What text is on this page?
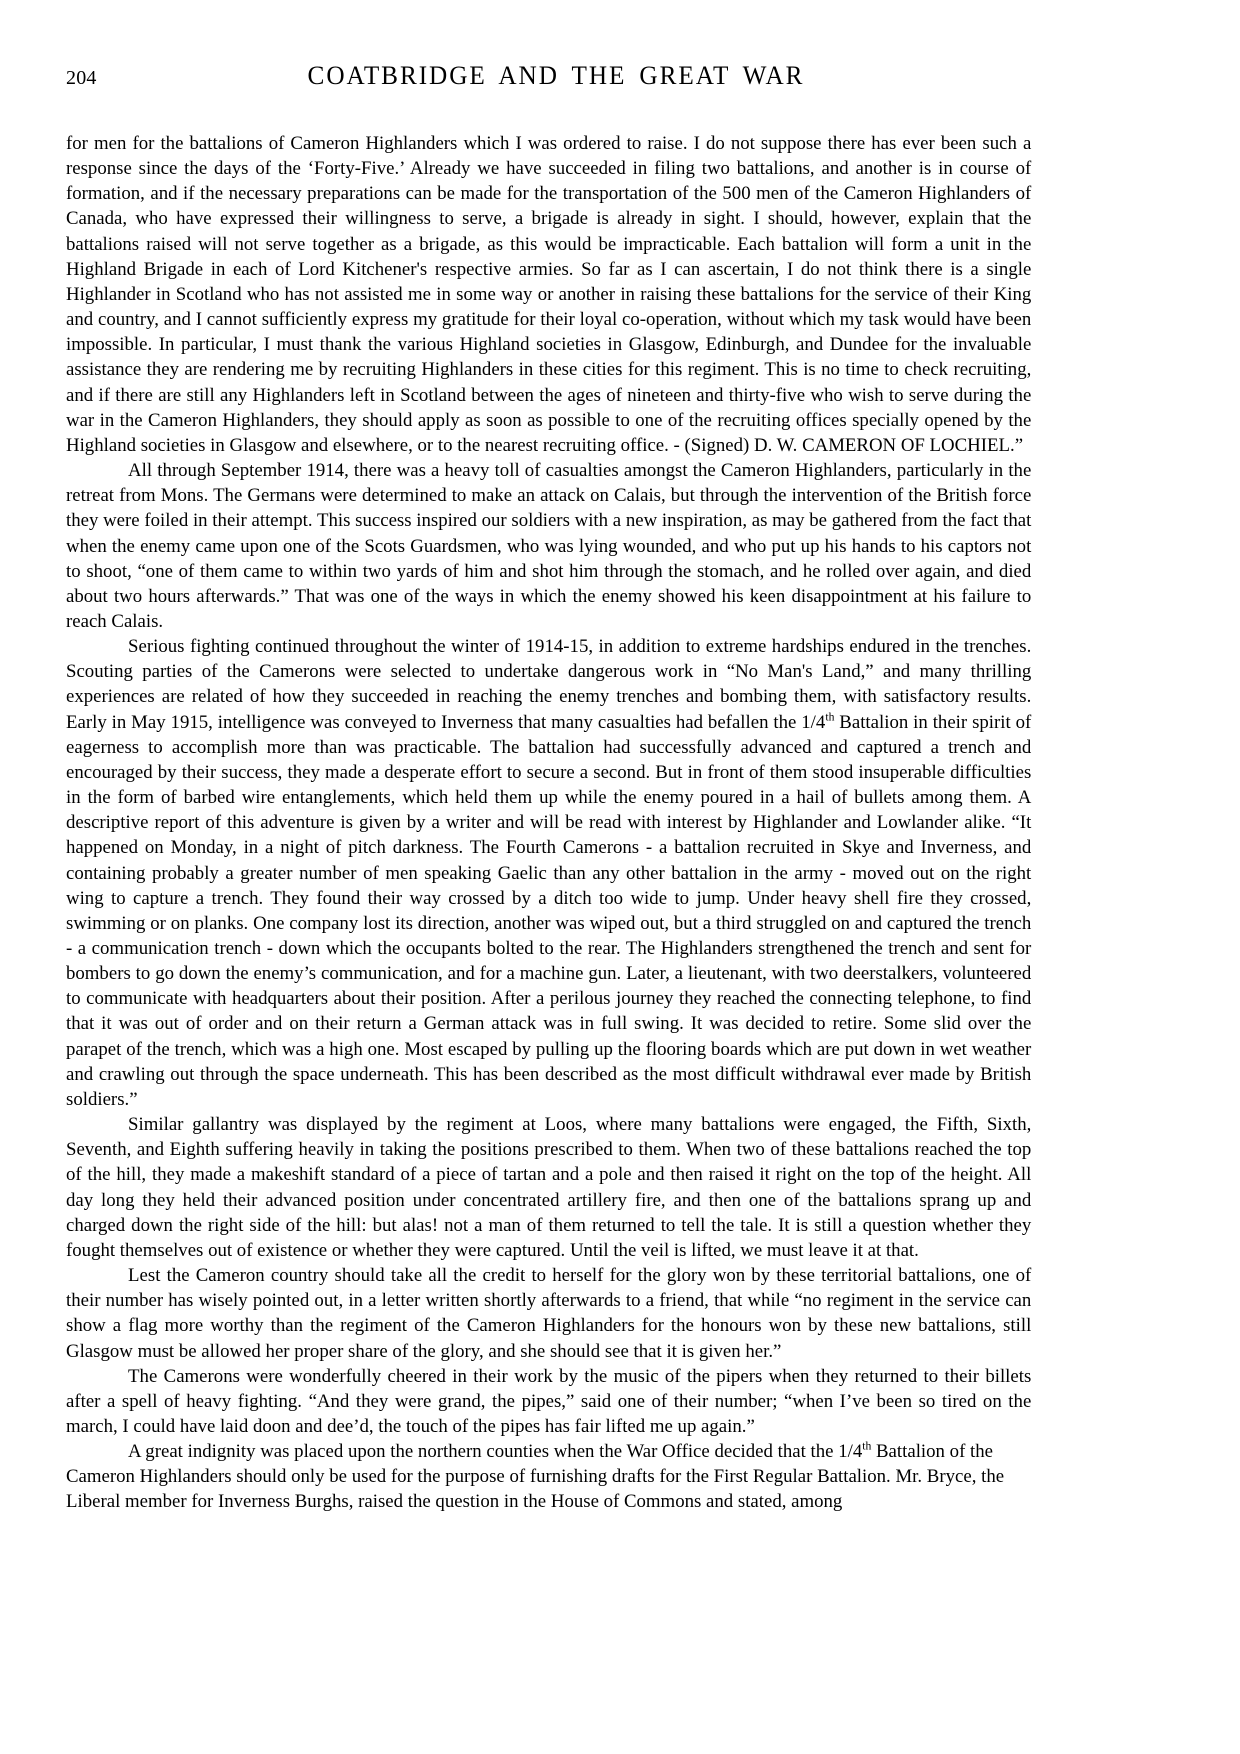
204	COATBRIDGE AND THE GREAT WAR

for men for the battalions of Cameron Highlanders which I was ordered to raise. I do not suppose there has ever been such a response since the days of the ‘Forty-Five.’ Already we have succeeded in filing two battalions, and another is in course of formation, and if the necessary preparations can be made for the transportation of the 500 men of the Cameron Highlanders of Canada, who have expressed their willingness to serve, a brigade is already in sight. I should, however, explain that the battalions raised will not serve together as a brigade, as this would be impracticable. Each battalion will form a unit in the Highland Brigade in each of Lord Kitchener's respective armies. So far as I can ascertain, I do not think there is a single Highlander in Scotland who has not assisted me in some way or another in raising these battalions for the service of their King and country, and I cannot sufficiently express my gratitude for their loyal co-operation, without which my task would have been impossible. In particular, I must thank the various Highland societies in Glasgow, Edinburgh, and Dundee for the invaluable assistance they are rendering me by recruiting Highlanders in these cities for this regiment. This is no time to check recruiting, and if there are still any Highlanders left in Scotland between the ages of nineteen and thirty-five who wish to serve during the war in the Cameron Highlanders, they should apply as soon as possible to one of the recruiting offices specially opened by the Highland societies in Glasgow and elsewhere, or to the nearest recruiting office. - (Signed) D. W. CAMERON OF LOCHIEL.”

All through September 1914, there was a heavy toll of casualties amongst the Cameron Highlanders, particularly in the retreat from Mons. The Germans were determined to make an attack on Calais, but through the intervention of the British force they were foiled in their attempt. This success inspired our soldiers with a new inspiration, as may be gathered from the fact that when the enemy came upon one of the Scots Guardsmen, who was lying wounded, and who put up his hands to his captors not to shoot, “one of them came to within two yards of him and shot him through the stomach, and he rolled over again, and died about two hours afterwards.” That was one of the ways in which the enemy showed his keen disappointment at his failure to reach Calais.

Serious fighting continued throughout the winter of 1914-15, in addition to extreme hardships endured in the trenches. Scouting parties of the Camerons were selected to undertake dangerous work in “No Man's Land,” and many thrilling experiences are related of how they succeeded in reaching the enemy trenches and bombing them, with satisfactory results. Early in May 1915, intelligence was conveyed to Inverness that many casualties had befallen the 1/4th Battalion in their spirit of eagerness to accomplish more than was practicable. The battalion had successfully advanced and captured a trench and encouraged by their success, they made a desperate effort to secure a second. But in front of them stood insuperable difficulties in the form of barbed wire entanglements, which held them up while the enemy poured in a hail of bullets among them. A descriptive report of this adventure is given by a writer and will be read with interest by Highlander and Lowlander alike. “It happened on Monday, in a night of pitch darkness. The Fourth Camerons - a battalion recruited in Skye and Inverness, and containing probably a greater number of men speaking Gaelic than any other battalion in the army - moved out on the right wing to capture a trench. They found their way crossed by a ditch too wide to jump. Under heavy shell fire they crossed, swimming or on planks. One company lost its direction, another was wiped out, but a third struggled on and captured the trench - a communication trench - down which the occupants bolted to the rear. The Highlanders strengthened the trench and sent for bombers to go down the enemy’s communication, and for a machine gun. Later, a lieutenant, with two deerstalkers, volunteered to communicate with headquarters about their position. After a perilous journey they reached the connecting telephone, to find that it was out of order and on their return a German attack was in full swing. It was decided to retire. Some slid over the parapet of the trench, which was a high one. Most escaped by pulling up the flooring boards which are put down in wet weather and crawling out through the space underneath. This has been described as the most difficult withdrawal ever made by British soldiers.”

Similar gallantry was displayed by the regiment at Loos, where many battalions were engaged, the Fifth, Sixth, Seventh, and Eighth suffering heavily in taking the positions prescribed to them. When two of these battalions reached the top of the hill, they made a makeshift standard of a piece of tartan and a pole and then raised it right on the top of the height. All day long they held their advanced position under concentrated artillery fire, and then one of the battalions sprang up and charged down the right side of the hill: but alas! not a man of them returned to tell the tale. It is still a question whether they fought themselves out of existence or whether they were captured. Until the veil is lifted, we must leave it at that.

Lest the Cameron country should take all the credit to herself for the glory won by these territorial battalions, one of their number has wisely pointed out, in a letter written shortly afterwards to a friend, that while “no regiment in the service can show a flag more worthy than the regiment of the Cameron Highlanders for the honours won by these new battalions, still Glasgow must be allowed her proper share of the glory, and she should see that it is given her.”

The Camerons were wonderfully cheered in their work by the music of the pipers when they returned to their billets after a spell of heavy fighting. “And they were grand, the pipes,” said one of their number; “when I’ve been so tired on the march, I could have laid doon and dee’d, the touch of the pipes has fair lifted me up again.”

A great indignity was placed upon the northern counties when the War Office decided that the 1/4th Battalion of the Cameron Highlanders should only be used for the purpose of furnishing drafts for the First Regular Battalion. Mr. Bryce, the Liberal member for Inverness Burghs, raised the question in the House of Commons and stated, among
